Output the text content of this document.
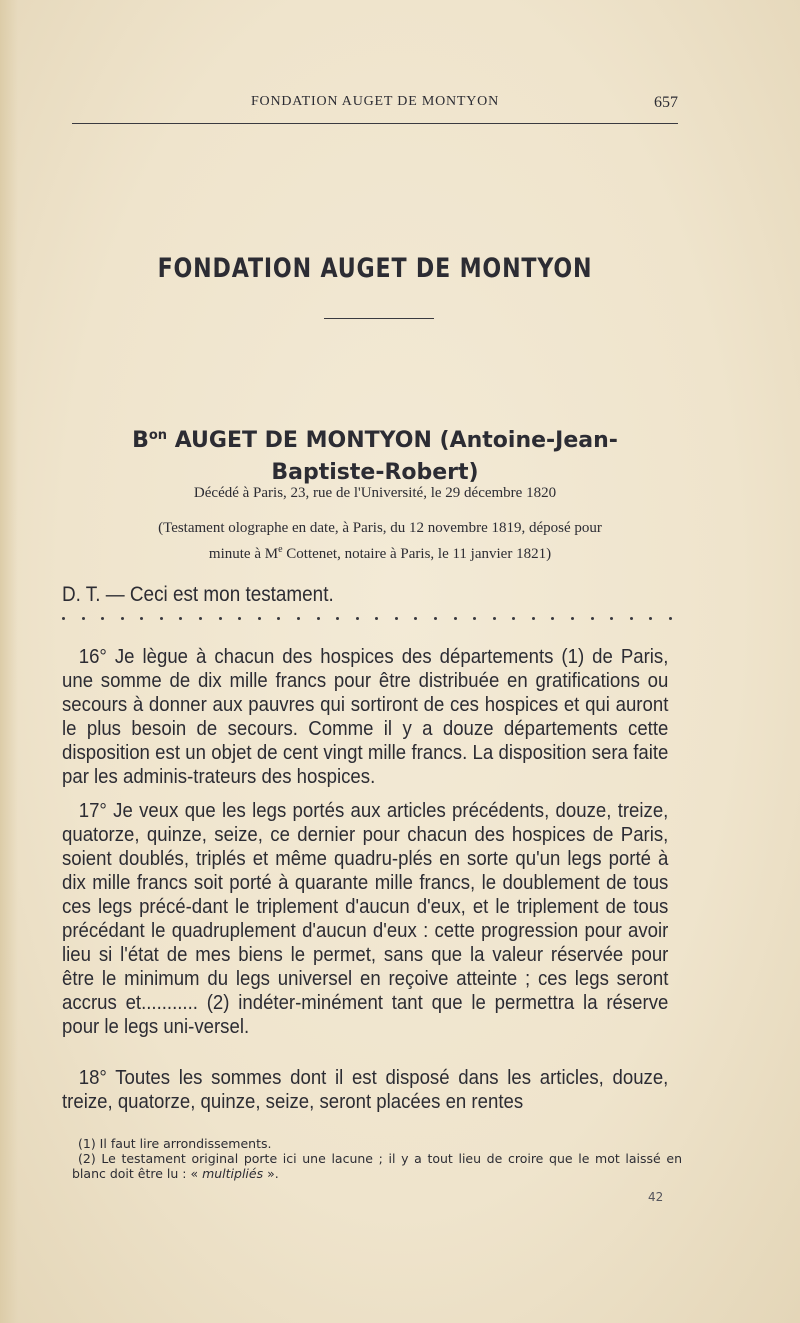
FONDATION AUGET DE MONTYON	657
FONDATION AUGET DE MONTYON
$B^{on}$ AUGET DE MONTYON (Antoine-Jean-
Baptiste-Robert)
Décédé à Paris, 23, rue de l'Université, le 29 décembre 1820
(Testament olographe en date, à Paris, du 12 novembre 1819, déposé pour
minute à Me Cottenet, notaire à Paris, le 11 janvier 1821)
D. T. — Ceci est mon testament.

16° Je lègue à chacun des hospices des départements (1) de Paris, une somme de dix mille francs pour être distribuée en gratifications ou secours à donner aux pauvres qui sortiront de ces hospices et qui auront le plus besoin de secours. Comme il y a douze départements cette disposition est un objet de cent vingt mille francs. La disposition sera faite par les adminis-trateurs des hospices.

17° Je veux que les legs portés aux articles précédents, douze, treize, quatorze, quinze, seize, ce dernier pour chacun des hospices de Paris, soient doublés, triplés et même quadru-plés en sorte qu'un legs porté à dix mille francs soit porté à quarante mille francs, le doublement de tous ces legs précé-dant le triplement d'aucun d'eux, et le triplement de tous précédant le quadruplement d'aucun d'eux : cette progression pour avoir lieu si l'état de mes biens le permet, sans que la valeur réservée pour être le minimum du legs universel en reçoive atteinte ; ces legs seront accrus et........... (2) indéter-minément tant que le permettra la réserve pour le legs uni-versel.

18° Toutes les sommes dont il est disposé dans les articles, douze, treize, quatorze, quinze, seize, seront placées en rentes

(1) Il faut lire arrondissements.

(2) Le testament original porte ici une lacune ; il y a tout lieu de croire que le mot laissé en blanc doit être lu : « multipliés ».

42
